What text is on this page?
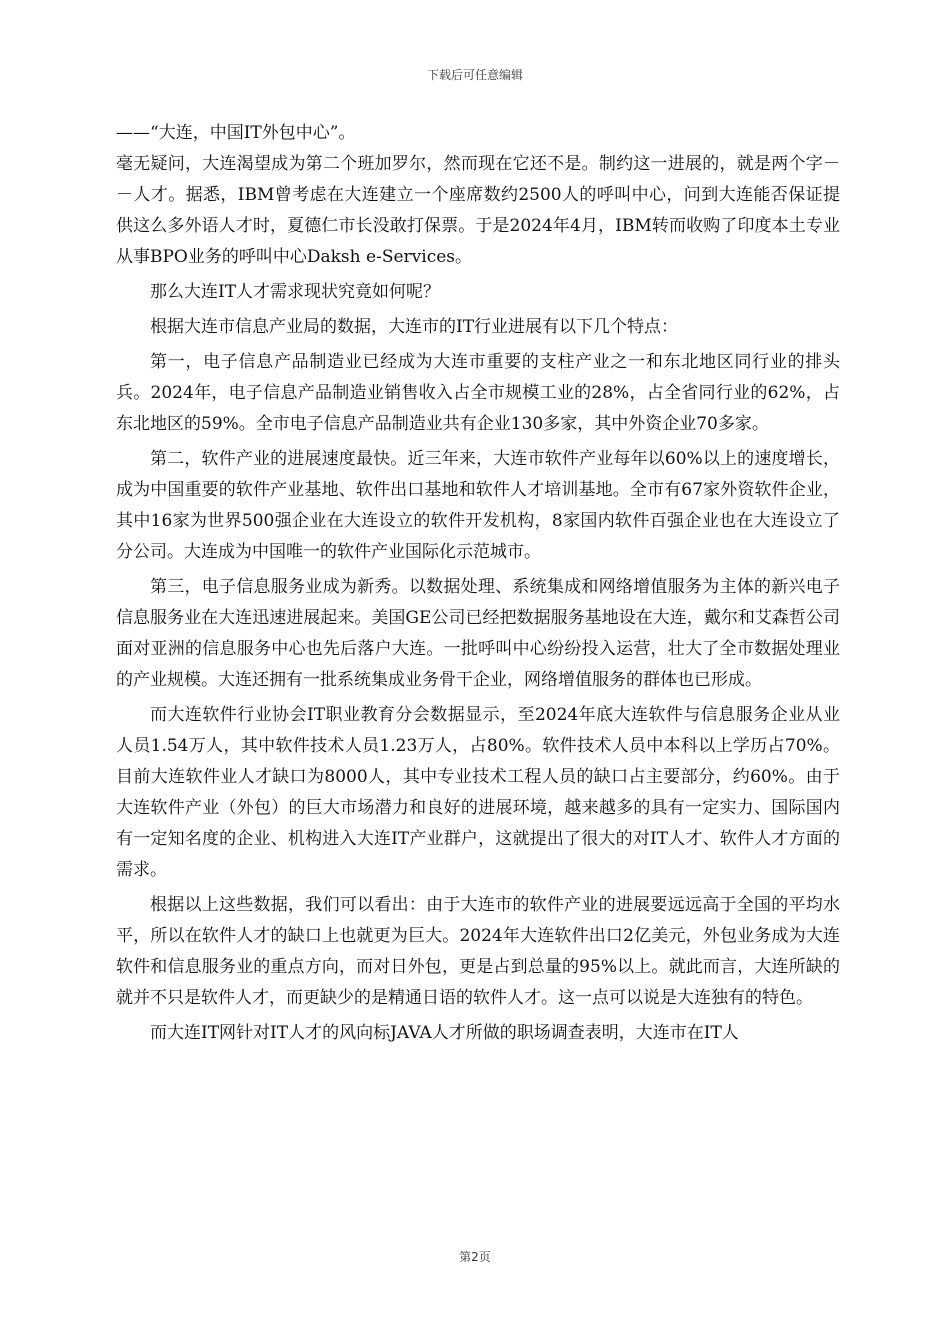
下载后可任意编辑

——“大连，中国IT外包中心”。

毫无疑问，大连渴望成为第二个班加罗尔，然而现在它还不是。制约这一进展的，就是两个字－－人才。据悉，IBM曾考虑在大连建立一个座席数约2500人的呼叫中心，问到大连能否保证提供这么多外语人才时，夏德仁市长没敢打保票。于是2024年4月，IBM转而收购了印度本土专业从事BPO业务的呼叫中心Daksh e-Services。

那么大连IT人才需求现状究竟如何呢？

根据大连市信息产业局的数据，大连市的IT行业进展有以下几个特点：

第一，电子信息产品制造业已经成为大连市重要的支柱产业之一和东北地区同行业的排头兵。2024年，电子信息产品制造业销售收入占全市规模工业的28%，占全省同行业的62%，占东北地区的59%。全市电子信息产品制造业共有企业130多家，其中外资企业70多家。

第二，软件产业的进展速度最快。近三年来，大连市软件产业每年以60%以上的速度增长，成为中国重要的软件产业基地、软件出口基地和软件人才培训基地。全市有67家外资软件企业，其中16家为世界500强企业在大连设立的软件开发机构，8家国内软件百强企业也在大连设立了分公司。大连成为中国唯一的软件产业国际化示范城市。

第三，电子信息服务业成为新秀。以数据处理、系统集成和网络增值服务为主体的新兴电子信息服务业在大连迅速进展起来。美国GE公司已经把数据服务基地设在大连，戴尔和艾森哲公司面对亚洲的信息服务中心也先后落户大连。一批呼叫中心纷纷投入运营，壮大了全市数据处理业的产业规模。大连还拥有一批系统集成业务骨干企业，网络增值服务的群体也已形成。

而大连软件行业协会IT职业教育分会数据显示，至2024年底大连软件与信息服务企业从业人员1.54万人，其中软件技术人员1.23万人，占80%。软件技术人员中本科以上学历占70%。目前大连软件业人才缺口为8000人，其中专业技术工程人员的缺口占主要部分，约60%。由于大连软件产业（外包）的巨大市场潜力和良好的进展环境，越来越多的具有一定实力、国际国内有一定知名度的企业、机构进入大连IT产业群户，这就提出了很大的对IT人才、软件人才方面的需求。

根据以上这些数据，我们可以看出：由于大连市的软件产业的进展要远远高于全国的平均水平，所以在软件人才的缺口上也就更为巨大。2024年大连软件出口2亿美元，外包业务成为大连软件和信息服务业的重点方向，而对日外包，更是占到总量的95%以上。就此而言，大连所缺的就并不只是软件人才，而更缺少的是精通日语的软件人才。这一点可以说是大连独有的特色。

而大连IT网针对IT人才的风向标JAVA人才所做的职场调查表明，大连市在IT人

第2页
